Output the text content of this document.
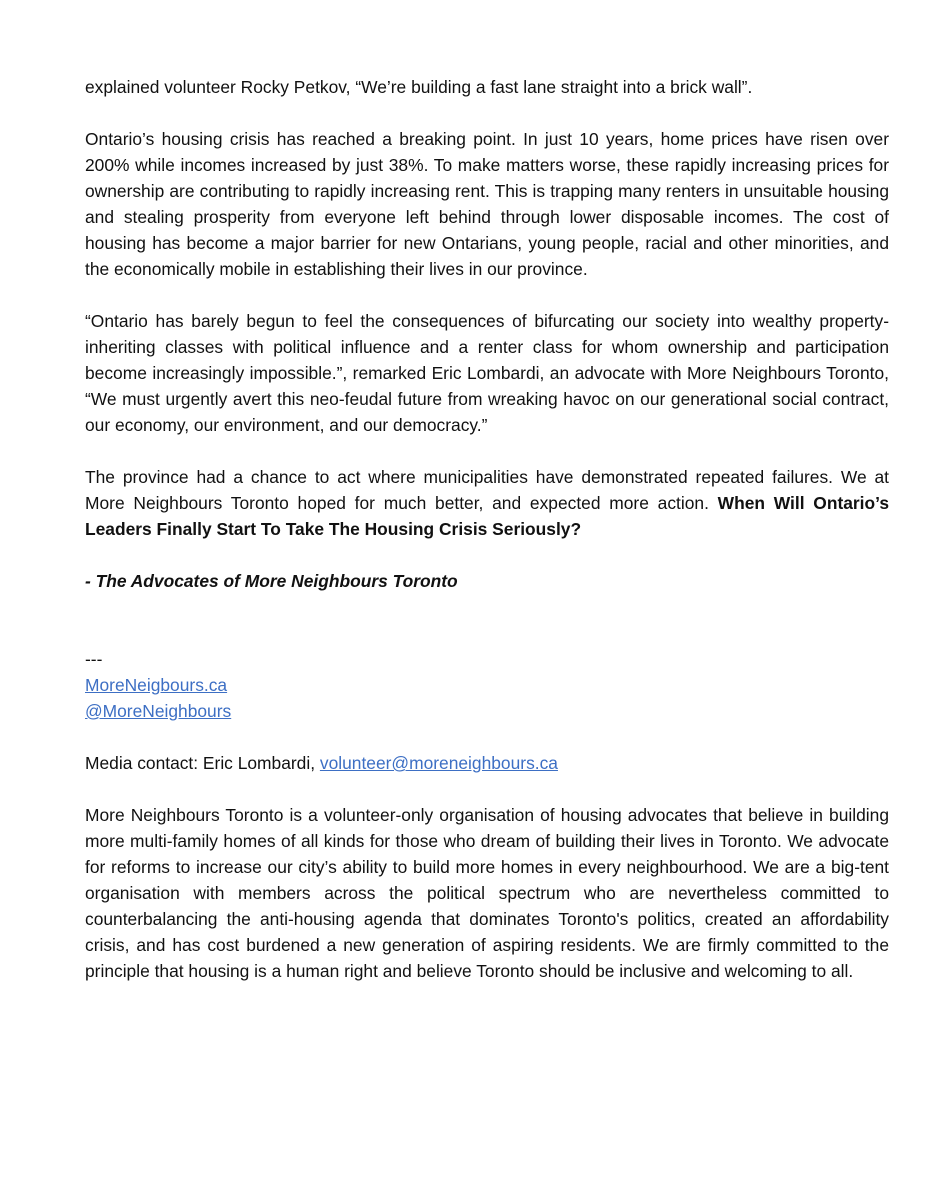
explained volunteer Rocky Petkov, “We’re building a fast lane straight into a brick wall”.

Ontario’s housing crisis has reached a breaking point. In just 10 years, home prices have risen over 200% while incomes increased by just 38%. To make matters worse, these rapidly increasing prices for ownership are contributing to rapidly increasing rent. This is trapping many renters in unsuitable housing and stealing prosperity from everyone left behind through lower disposable incomes. The cost of housing has become a major barrier for new Ontarians, young people, racial and other minorities, and the economically mobile in establishing their lives in our province.

“Ontario has barely begun to feel the consequences of bifurcating our society into wealthy property-inheriting classes with political influence and a renter class for whom ownership and participation become increasingly impossible.”, remarked Eric Lombardi, an advocate with More Neighbours Toronto, “We must urgently avert this neo-feudal future from wreaking havoc on our generational social contract, our economy, our environment, and our democracy.”

The province had a chance to act where municipalities have demonstrated repeated failures. We at More Neighbours Toronto hoped for much better, and expected more action. When Will Ontario’s Leaders Finally Start To Take The Housing Crisis Seriously?

- The Advocates of More Neighbours Toronto

---
MoreNeigbours.ca
@MoreNeighbours

Media contact: Eric Lombardi, volunteer@moreneighbours.ca

More Neighbours Toronto is a volunteer-only organisation of housing advocates that believe in building more multi-family homes of all kinds for those who dream of building their lives in Toronto. We advocate for reforms to increase our city’s ability to build more homes in every neighbourhood. We are a big-tent organisation with members across the political spectrum who are nevertheless committed to counterbalancing the anti-housing agenda that dominates Toronto's politics, created an affordability crisis, and has cost burdened a new generation of aspiring residents. We are firmly committed to the principle that housing is a human right and believe Toronto should be inclusive and welcoming to all.
